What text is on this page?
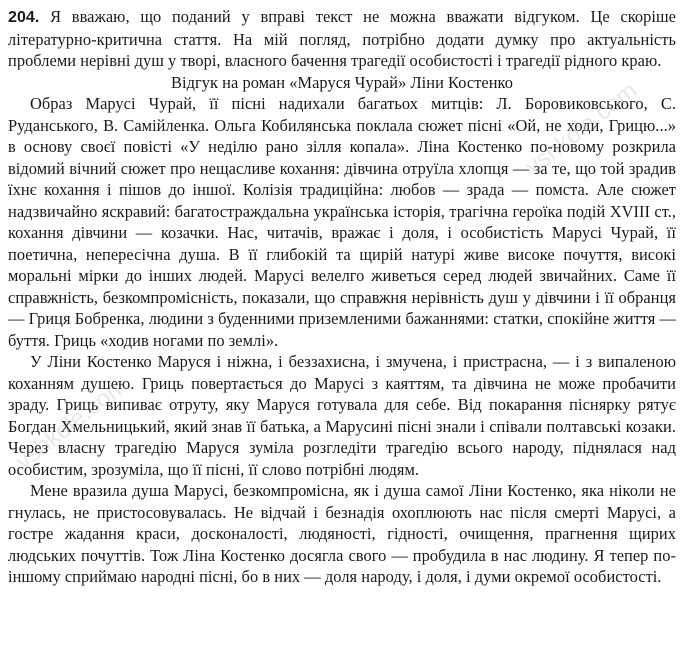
204. Я вважаю, що поданий у вправі текст не можна вважати відгуком. Це скоріше літературно-критична стаття. На мій погляд, потрібно додати думку про актуальність проблеми нерівні душ у творі, власного бачення трагедії особистості і трагедії рідного краю.

Відгук на роман «Маруся Чурай» Ліни Костенко

Образ Марусі Чурай, її пісні надихали багатьох митців: Л. Боровиковського, С. Руданського, В. Самійленка. Ольга Кобилянська поклала сюжет пісні «Ой, не ходи, Грицю...» в основу своєї повісті «У неділю рано зілля копала». Ліна Костенко по-новому розкрила відомий вічний сюжет про нещасливе кохання: дівчина отруїла хлопця — за те, що той зрадив їхнє кохання і пішов до іншої. Колізія традиційна: любов — зрада — помста. Але сюжет надзвичайно яскравий: багатостраждальна українська історія, трагічна героїка подій XVIII ст., кохання дівчини — козачки. Нас, читачів, вражає і доля, і особистість Марусі Чурай, її поетична, непересічна душа. В її глибокій та щирій натурі живе високе почуття, високі моральні мірки до інших людей. Марусі велелго живеться серед людей звичайних. Саме її справжність, безкомпромісність, показали, що справжня нерівність душ у дівчини і її обранця — Гриця Бобренка, людини з буденними приземленими бажаннями: статки, спокійне життя — буття. Гриць «ходив ногами по землі».

У Ліни Костенко Маруся і ніжна, і беззахисна, і змучена, і пристрасна, — і з випаленою коханням душею. Гриць повертається до Марусі з каяттям, та дівчина не може пробачити зраду. Гриць випиває отруту, яку Маруся готувала для себе. Від покарання піснярку рятує Богдан Хмельницький, який знав її батька, а Марусині пісні знали і співали полтавські козаки. Через власну трагедію Маруся зуміла розгледіти трагедію всього народу, піднялася над особистим, зрозуміла, що її пісні, її слово потрібні людям.

Мене вразила душа Марусі, безкомпромісна, як і душа самої Ліни Костенко, яка ніколи не гнулась, не пристосовувалась. Не відчай і безнадія охоплюють нас після смерті Марусі, а гостре жадання краси, досконалості, людяності, гідності, очищення, прагнення щирих людських почуттів. Тож Ліна Костенко досягла свого — пробудила в нас людину. Я тепер по-іншому сприймаю народні пісні, бо в них — доля народу, і доля, і думи окремої особистості.

vshkole.com
vshkole.com
